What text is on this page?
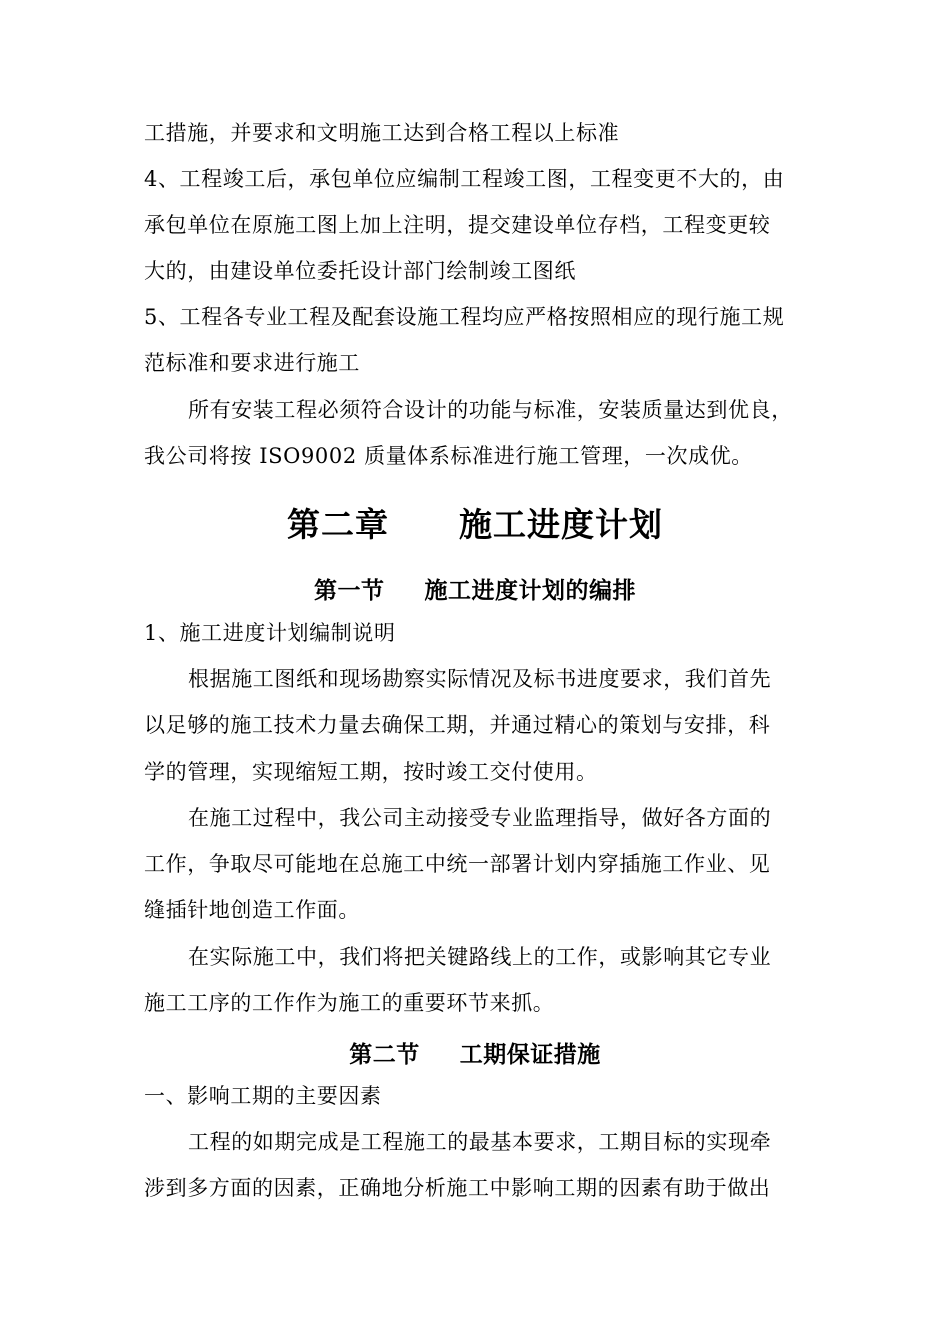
工措施，并要求和文明施工达到合格工程以上标准
4、工程竣工后，承包单位应编制工程竣工图，工程变更不大的，由
承包单位在原施工图上加上注明，提交建设单位存档，工程变更较
大的，由建设单位委托设计部门绘制竣工图纸
5、工程各专业工程及配套设施工程均应严格按照相应的现行施工规
范标准和要求进行施工
所有安装工程必须符合设计的功能与标准，安装质量达到优良，
我公司将按 ISO9002 质量体系标准进行施工管理，一次成优。
第二章 施工进度计划
第一节 施工进度计划的编排
1、施工进度计划编制说明
根据施工图纸和现场勘察实际情况及标书进度要求，我们首先
以足够的施工技术力量去确保工期，并通过精心的策划与安排，科
学的管理，实现缩短工期，按时竣工交付使用。
在施工过程中，我公司主动接受专业监理指导，做好各方面的
工作，争取尽可能地在总施工中统一部署计划内穿插施工作业、见
缝插针地创造工作面。
在实际施工中，我们将把关键路线上的工作，或影响其它专业
施工工序的工作作为施工的重要环节来抓。
第二节 工期保证措施
一、影响工期的主要因素
工程的如期完成是工程施工的最基本要求，工期目标的实现牵
涉到多方面的因素，正确地分析施工中影响工期的因素有助于做出
